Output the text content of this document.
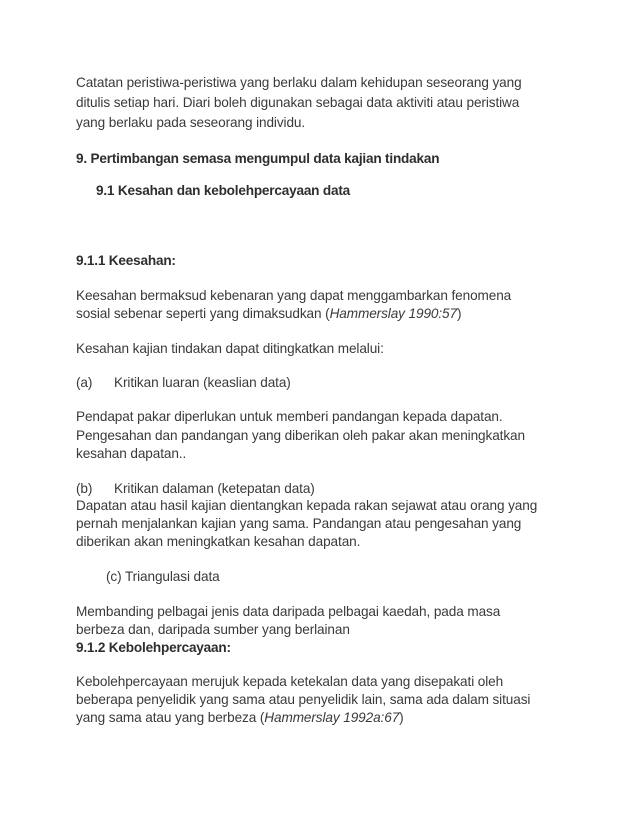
Catatan peristiwa-peristiwa yang berlaku dalam kehidupan seseorang yang
ditulis setiap hari. Diari boleh digunakan sebagai data aktiviti atau peristiwa
yang berlaku pada seseorang individu.
9. Pertimbangan semasa mengumpul data kajian tindakan
9.1 Kesahan dan kebolehpercayaan data
9.1.1 Keesahan:
Keesahan bermaksud kebenaran yang dapat menggambarkan fenomena
sosial sebenar seperti yang dimaksudkan (Hammerslay 1990:57)
Kesahan kajian tindakan dapat ditingkatkan melalui:
(a) Kritikan luaran (keaslian data)
Pendapat pakar diperlukan untuk memberi pandangan kepada dapatan.
Pengesahan dan pandangan yang diberikan oleh pakar akan meningkatkan
kesahan dapatan..
(b) Kritikan dalaman (ketepatan data)
Dapatan atau hasil kajian dientangkan kepada rakan sejawat atau orang yang
pernah menjalankan kajian yang sama. Pandangan atau pengesahan yang
diberikan akan meningkatkan kesahan dapatan.
(c) Triangulasi data
Membanding pelbagai jenis data daripada pelbagai kaedah, pada masa
berbeza dan, daripada sumber yang berlainan
9.1.2 Kebolehpercayaan:
Kebolehpercayaan merujuk kepada ketekalan data yang disepakati oleh
beberapa penyelidik yang sama atau penyelidik lain, sama ada dalam situasi
yang sama atau yang berbeza (Hammerslay 1992a:67)
